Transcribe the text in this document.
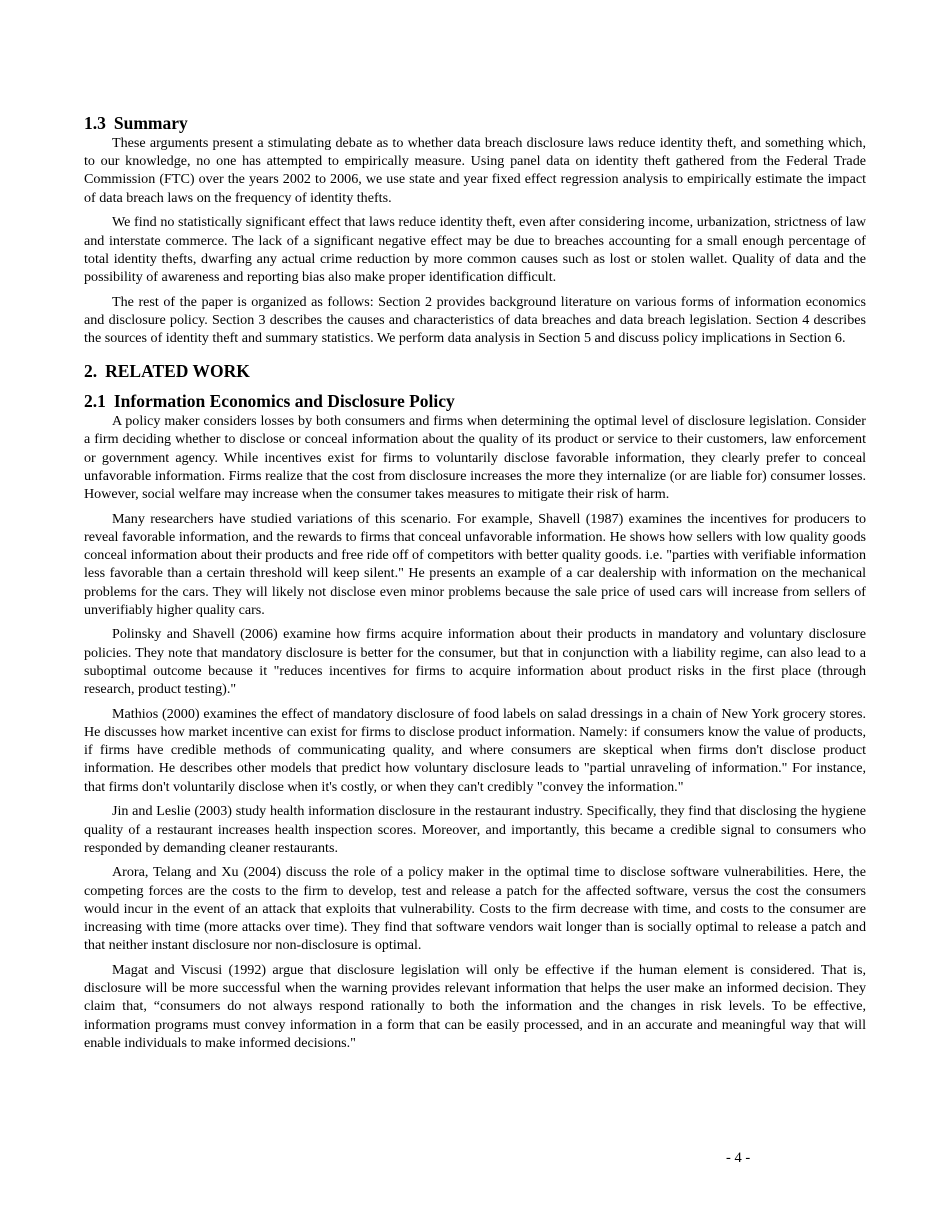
1.3 Summary

These arguments present a stimulating debate as to whether data breach disclosure laws reduce identity theft, and something which, to our knowledge, no one has attempted to empirically measure. Using panel data on identity theft gathered from the Federal Trade Commission (FTC) over the years 2002 to 2006, we use state and year fixed effect regression analysis to empirically estimate the impact of data breach laws on the frequency of identity thefts.

We find no statistically significant effect that laws reduce identity theft, even after considering income, urbanization, strictness of law and interstate commerce. The lack of a significant negative effect may be due to breaches accounting for a small enough percentage of total identity thefts, dwarfing any actual crime reduction by more common causes such as lost or stolen wallet. Quality of data and the possibility of awareness and reporting bias also make proper identification difficult.

The rest of the paper is organized as follows: Section 2 provides background literature on various forms of information economics and disclosure policy. Section 3 describes the causes and characteristics of data breaches and data breach legislation. Section 4 describes the sources of identity theft and summary statistics. We perform data analysis in Section 5 and discuss policy implications in Section 6.

2. RELATED WORK
2.1 Information Economics and Disclosure Policy

A policy maker considers losses by both consumers and firms when determining the optimal level of disclosure legislation. Consider a firm deciding whether to disclose or conceal information about the quality of its product or service to their customers, law enforcement or government agency. While incentives exist for firms to voluntarily disclose favorable information, they clearly prefer to conceal unfavorable information. Firms realize that the cost from disclosure increases the more they internalize (or are liable for) consumer losses. However, social welfare may increase when the consumer takes measures to mitigate their risk of harm.

Many researchers have studied variations of this scenario. For example, Shavell (1987) examines the incentives for producers to reveal favorable information, and the rewards to firms that conceal unfavorable information. He shows how sellers with low quality goods conceal information about their products and free ride off of competitors with better quality goods. i.e. "parties with verifiable information less favorable than a certain threshold will keep silent." He presents an example of a car dealership with information on the mechanical problems for the cars. They will likely not disclose even minor problems because the sale price of used cars will increase from sellers of unverifiably higher quality cars.

Polinsky and Shavell (2006) examine how firms acquire information about their products in mandatory and voluntary disclosure policies. They note that mandatory disclosure is better for the consumer, but that in conjunction with a liability regime, can also lead to a suboptimal outcome because it "reduces incentives for firms to acquire information about product risks in the first place (through research, product testing)."

Mathios (2000) examines the effect of mandatory disclosure of food labels on salad dressings in a chain of New York grocery stores. He discusses how market incentive can exist for firms to disclose product information. Namely: if consumers know the value of products, if firms have credible methods of communicating quality, and where consumers are skeptical when firms don't disclose product information. He describes other models that predict how voluntary disclosure leads to "partial unraveling of information." For instance, that firms don't voluntarily disclose when it's costly, or when they can't credibly "convey the information."

Jin and Leslie (2003) study health information disclosure in the restaurant industry. Specifically, they find that disclosing the hygiene quality of a restaurant increases health inspection scores. Moreover, and importantly, this became a credible signal to consumers who responded by demanding cleaner restaurants.

Arora, Telang and Xu (2004) discuss the role of a policy maker in the optimal time to disclose software vulnerabilities. Here, the competing forces are the costs to the firm to develop, test and release a patch for the affected software, versus the cost the consumers would incur in the event of an attack that exploits that vulnerability. Costs to the firm decrease with time, and costs to the consumer are increasing with time (more attacks over time). They find that software vendors wait longer than is socially optimal to release a patch and that neither instant disclosure nor non-disclosure is optimal.

Magat and Viscusi (1992) argue that disclosure legislation will only be effective if the human element is considered. That is, disclosure will be more successful when the warning provides relevant information that helps the user make an informed decision. They claim that, “consumers do not always respond rationally to both the information and the changes in risk levels. To be effective, information programs must convey information in a form that can be easily processed, and in an accurate and meaningful way that will enable individuals to make informed decisions."

- 4 -
